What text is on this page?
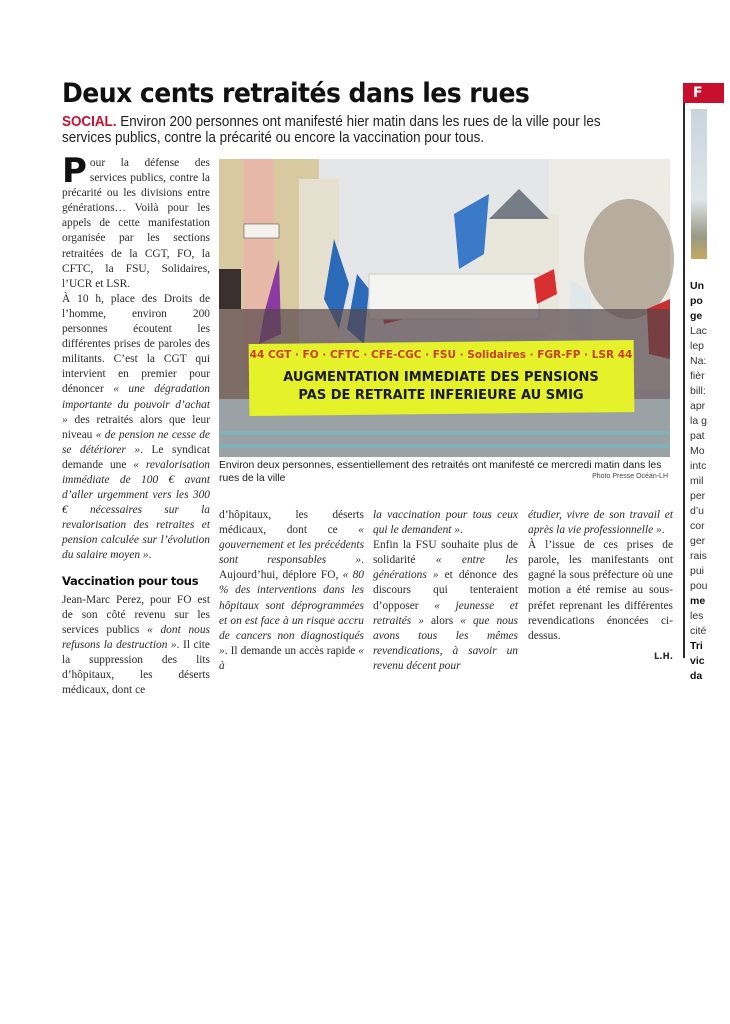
Deux cents retraités dans les rues
SOCIAL. Environ 200 personnes ont manifesté hier matin dans les rues de la ville pour les services publics, contre la précarité ou encore la vaccination pour tous.

Pour la défense des services publics, contre la précarité ou les divisions entre générations… Voilà pour les appels de cette manifestation organisée par les sections retraitées de la CGT, FO, la CFTC, la FSU, Solidaires, l’UCR et LSR.

À 10 h, place des Droits de l’homme, environ 200 personnes écoutent les différentes prises de paroles des militants. C’est la CGT qui intervient en premier pour dénoncer « une dégradation importante du pouvoir d’achat » des retraités alors que leur niveau « de pension ne cesse de se détériorer ». Le syndicat demande une « revalorisation immédiate de 100 € avant d’aller urgemment vers les 300 € nécessaires sur la revalorisation des retraites et pension calculée sur l’évolution du salaire moyen ».

Vaccination pour tous

Jean-Marc Perez, pour FO est de son côté revenu sur les services publics « dont nous refusons la destruction ». Il cite la suppression des lits d’hôpitaux, les déserts médicaux, dont ce

44 CGT · FO · CFTC · CFE-CGC · FSU · Solidaires · FGR-FP · LSR 44
AUGMENTATION IMMEDIATE DES PENSIONS
PAS DE RETRAITE INFERIEURE AU SMIG
Environ deux personnes, essentiellement des retraités ont manifesté ce mercredi matin dans les rues de la ville	Photo Presse Océan-LH

d’hôpitaux, les déserts médicaux, dont ce « gouvernement et les précédents sont responsables ». Aujourd’hui, déplore FO, « 80 % des interventions dans les hôpitaux sont déprogrammées et on est face à un risque accru de cancers non diagnostiqués ». Il demande un accès rapide « à

la vaccination pour tous ceux qui le demandent ».

Enfin la FSU souhaite plus de solidarité « entre les générations » et dénonce des discours qui tenteraient d’opposer « jeunesse et retraités » alors « que nous avons tous les mêmes revendications, à savoir un revenu décent pour

étudier, vivre de son travail et après la vie professionnelle ».

À l’issue de ces prises de parole, les manifestants ont gagné la sous préfecture où une motion a été remise au sous-préfet reprenant les différentes revendications énoncées ci-dessus.

L.H.

F
Un
po
ge
Lac
lep
Na:
fièr
bill:
apr
la g
pat
Mo
intc
mil
per
d’u
cor
ger
rais
pui
pou
me
les
cité
Tri
vic
da
